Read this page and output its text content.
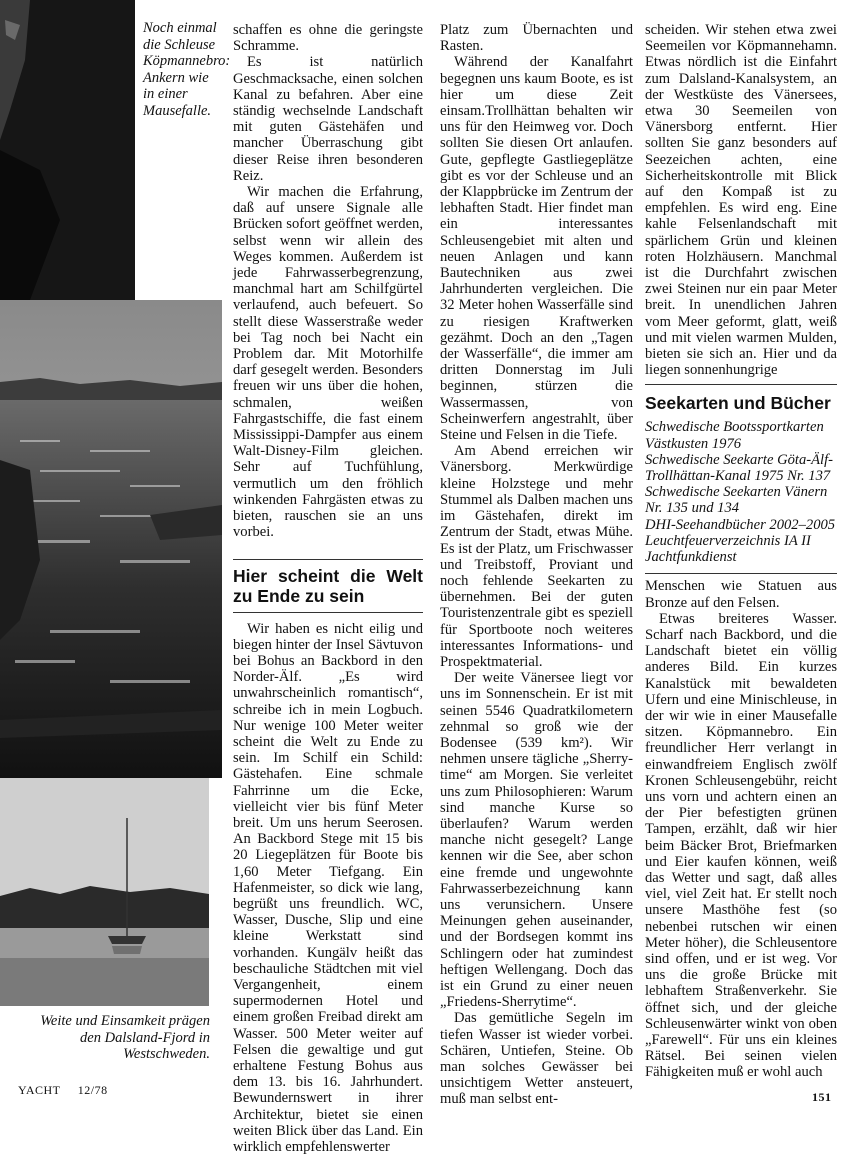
Noch einmal die Schleuse Köpmannebro: Ankern wie in einer Mausefalle.
Weite und Einsamkeit prägen den Dalsland-Fjord in Westschweden.

schaffen es ohne die geringste Schramme.

Es ist natürlich Geschmacksache, einen solchen Kanal zu befahren. Aber eine ständig wechselnde Landschaft mit guten Gästehäfen und mancher Überraschung gibt dieser Reise ihren besonderen Reiz.

Wir machen die Erfahrung, daß auf unsere Signale alle Brücken sofort geöffnet werden, selbst wenn wir allein des Weges kommen. Außerdem ist jede Fahrwasserbegrenzung, manchmal hart am Schilfgürtel verlaufend, auch befeuert. So stellt diese Wasserstraße weder bei Tag noch bei Nacht ein Problem dar. Mit Motorhilfe darf gesegelt werden. Besonders freuen wir uns über die hohen, schmalen, weißen Fahrgastschiffe, die fast einem Mississippi-Dampfer aus einem Walt-Disney-Film gleichen. Sehr auf Tuchfühlung, vermutlich um den fröhlich winkenden Fahrgästen etwas zu bieten, rauschen sie an uns vorbei.

Hier scheint die Welt zu Ende zu sein

Wir haben es nicht eilig und biegen hinter der Insel Sävtuvon bei Bohus an Backbord in den Norder-Älf. „Es wird unwahrscheinlich romantisch“, schreibe ich in mein Logbuch. Nur wenige 100 Meter weiter scheint die Welt zu Ende zu sein. Im Schilf ein Schild: Gästehafen. Eine schmale Fahrrinne um die Ecke, vielleicht vier bis fünf Meter breit. Um uns herum Seerosen. An Backbord Stege mit 15 bis 20 Liegeplätzen für Boote bis 1,60 Meter Tiefgang. Ein Hafenmeister, so dick wie lang, begrüßt uns freundlich. WC, Wasser, Dusche, Slip und eine kleine Werkstatt sind vorhanden. Kungälv heißt das beschauliche Städtchen mit viel Vergangenheit, einem supermodernen Hotel und einem großen Freibad direkt am Wasser. 500 Meter weiter auf Felsen die gewaltige und gut erhaltene Festung Bohus aus dem 13. bis 16. Jahrhundert. Bewundernswert in ihrer Architektur, bietet sie einen weiten Blick über das Land. Ein wirklich empfehlenswerter

Platz zum Übernachten und Rasten.

Während der Kanalfahrt begegnen uns kaum Boote, es ist hier um diese Zeit einsam.Trollhättan behalten wir uns für den Heimweg vor. Doch sollten Sie diesen Ort anlaufen. Gute, gepflegte Gastliegeplätze gibt es vor der Schleuse und an der Klappbrücke im Zentrum der lebhaften Stadt. Hier findet man ein interessantes Schleusengebiet mit alten und neuen Anlagen und kann Bautechniken aus zwei Jahrhunderten vergleichen. Die 32 Meter hohen Wasserfälle sind zu riesigen Kraftwerken gezähmt. Doch an den „Tagen der Wasserfälle“, die immer am dritten Donnerstag im Juli beginnen, stürzen die Wassermassen, von Scheinwerfern angestrahlt, über Steine und Felsen in die Tiefe.

Am Abend erreichen wir Vänersborg. Merkwürdige kleine Holzstege und mehr Stummel als Dalben machen uns im Gästehafen, direkt im Zentrum der Stadt, etwas Mühe. Es ist der Platz, um Frischwasser und Treibstoff, Proviant und noch fehlende Seekarten zu übernehmen. Bei der guten Touristenzentrale gibt es speziell für Sportboote noch weiteres interessantes Informations- und Prospektmaterial.

Der weite Vänersee liegt vor uns im Sonnenschein. Er ist mit seinen 5546 Quadratkilometern zehnmal so groß wie der Bodensee (539 km²). Wir nehmen unsere tägliche „Sherry-time“ am Morgen. Sie verleitet uns zum Philosophieren: Warum sind manche Kurse so überlaufen? Warum werden manche nicht gesegelt? Lange kennen wir die See, aber schon eine fremde und ungewohnte Fahrwasserbezeichnung kann uns verunsichern. Unsere Meinungen gehen auseinander, und der Bordsegen kommt ins Schlingern oder hat zumindest heftigen Wellengang. Doch das ist ein Grund zu einer neuen „Friedens-Sherrytime“.

Das gemütliche Segeln im tiefen Wasser ist wieder vorbei. Schären, Untiefen, Steine. Ob man solches Gewässer bei unsichtigem Wetter ansteuert, muß man selbst ent-

scheiden. Wir stehen etwa zwei Seemeilen vor Köpmannehamn. Etwas nördlich ist die Einfahrt zum Dalsland-Kanalsystem, an der Westküste des Vänersees, etwa 30 Seemeilen von Vänersborg entfernt. Hier sollten Sie ganz besonders auf Seezeichen achten, eine Sicherheitskontrolle mit Blick auf den Kompaß ist zu empfehlen. Es wird eng. Eine kahle Felsenlandschaft mit spärlichem Grün und kleinen roten Holzhäusern. Manchmal ist die Durchfahrt zwischen zwei Steinen nur ein paar Meter breit. In unendlichen Jahren vom Meer geformt, glatt, weiß und mit vielen warmen Mulden, bieten sie sich an. Hier und da liegen sonnenhungrige

Seekarten und Bücher

Schwedische Bootssportkarten Västkusten 1976

Schwedische Seekarte Göta-Älf-Trollhättan-Kanal 1975 Nr. 137

Schwedische Seekarten Vänern Nr. 135 und 134

DHI-Seehandbücher 2002–2005

Leuchtfeuerverzeichnis IA II

Jachtfunkdienst

Menschen wie Statuen aus Bronze auf den Felsen.

Etwas breiteres Wasser. Scharf nach Backbord, und die Landschaft bietet ein völlig anderes Bild. Ein kurzes Kanalstück mit bewaldeten Ufern und eine Minischleuse, in der wir wie in einer Mausefalle sitzen. Köpmannebro. Ein freundlicher Herr verlangt in einwandfreiem Englisch zwölf Kronen Schleusengebühr, reicht uns vorn und achtern einen an der Pier befestigten grünen Tampen, erzählt, daß wir hier beim Bäcker Brot, Briefmarken und Eier kaufen können, weiß das Wetter und sagt, daß alles viel, viel Zeit hat. Er stellt noch unsere Masthöhe fest (so nebenbei rutschen wir einen Meter höher), die Schleusentore sind offen, und er ist weg. Vor uns die große Brücke mit lebhaftem Straßenverkehr. Sie öffnet sich, und der gleiche Schleusenwärter winkt von oben „Farewell“. Für uns ein kleines Rätsel. Bei seinen vielen Fähigkeiten muß er wohl auch

YACHT 12/78	151
